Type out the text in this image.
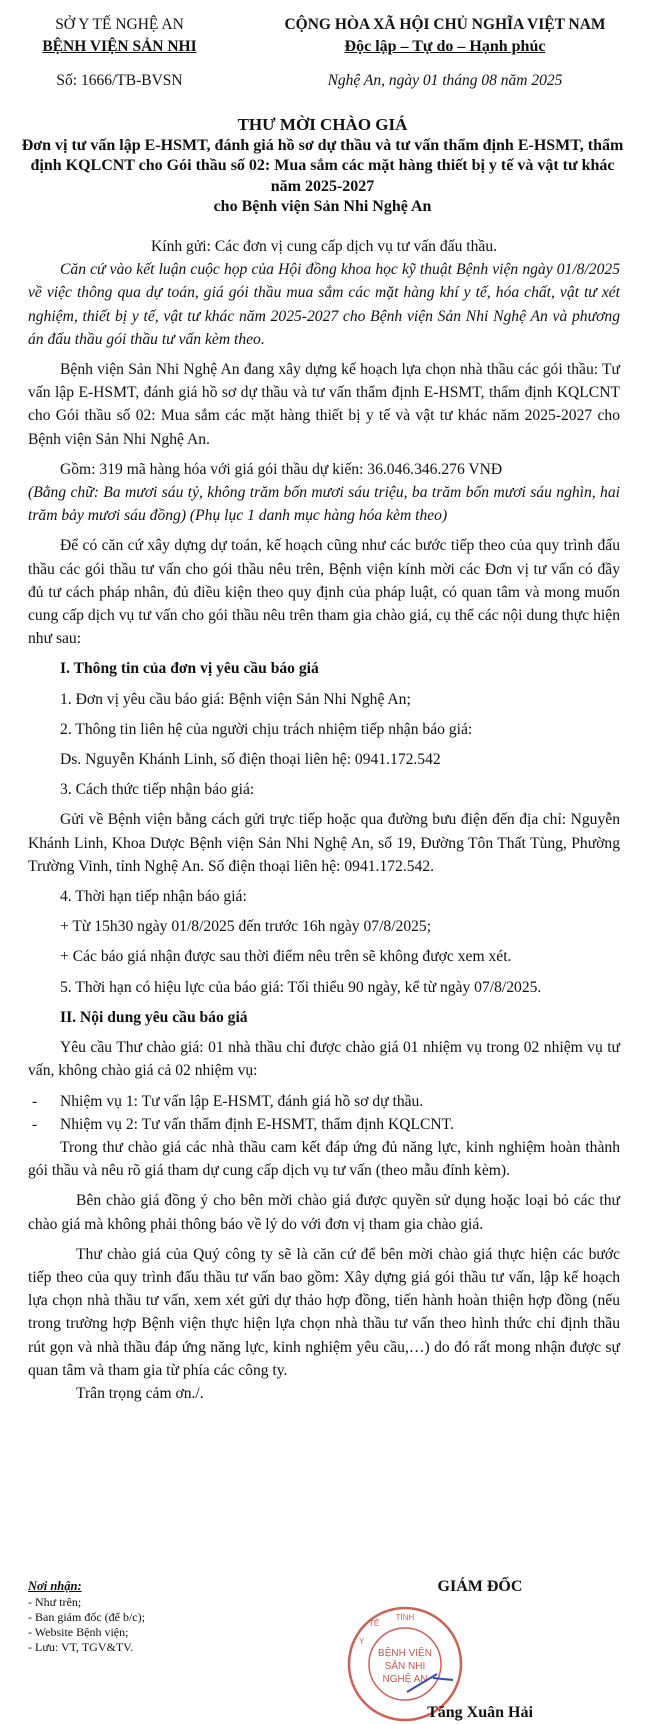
SỞ Y TẾ NGHỆ AN
BỆNH VIỆN SẢN NHI
Số: 1666/TB-BVSN
CỘNG HÒA XÃ HỘI CHỦ NGHĨA VIỆT NAM
Độc lập – Tự do – Hạnh phúc
Nghệ An, ngày 01 tháng 08 năm 2025
THƯ MỜI CHÀO GIÁ
Đơn vị tư vấn lập E-HSMT, đánh giá hồ sơ dự thầu và tư vấn thẩm định E-HSMT, thẩm định KQLCNT cho Gói thầu số 02: Mua sắm các mặt hàng thiết bị y tế và vật tư khác năm 2025-2027
cho Bệnh viện Sản Nhi Nghệ An

Kính gửi: Các đơn vị cung cấp dịch vụ tư vấn đấu thầu.

Căn cứ vào kết luận cuộc họp của Hội đồng khoa học kỹ thuật Bệnh viện ngày 01/8/2025 về việc thông qua dự toán, giá gói thầu mua sắm các mặt hàng khí y tế, hóa chất, vật tư xét nghiệm, thiết bị y tế, vật tư khác năm 2025-2027 cho Bệnh viện Sản Nhi Nghệ An và phương án đấu thầu gói thầu tư vấn kèm theo.

Bệnh viện Sản Nhi Nghệ An đang xây dựng kế hoạch lựa chọn nhà thầu các gói thầu: Tư vấn lập E-HSMT, đánh giá hồ sơ dự thầu và tư vấn thẩm định E-HSMT, thẩm định KQLCNT cho Gói thầu số 02: Mua sắm các mặt hàng thiết bị y tế và vật tư khác năm 2025-2027 cho Bệnh viện Sản Nhi Nghệ An.

Gồm: 319 mã hàng hóa với giá gói thầu dự kiến: 36.046.346.276 VNĐ

(Bằng chữ: Ba mươi sáu tỷ, không trăm bốn mươi sáu triệu, ba trăm bốn mươi sáu nghìn, hai trăm bảy mươi sáu đồng) (Phụ lục 1 danh mục hàng hóa kèm theo)

Để có căn cứ xây dựng dự toán, kế hoạch cũng như các bước tiếp theo của quy trình đấu thầu các gói thầu tư vấn cho gói thầu nêu trên, Bệnh viện kính mời các Đơn vị tư vấn có đầy đủ tư cách pháp nhân, đủ điều kiện theo quy định của pháp luật, có quan tâm và mong muốn cung cấp dịch vụ tư vấn cho gói thầu nêu trên tham gia chào giá, cụ thể các nội dung thực hiện như sau:

I. Thông tin của đơn vị yêu cầu báo giá

1. Đơn vị yêu cầu báo giá: Bệnh viện Sản Nhi Nghệ An;

2. Thông tin liên hệ của người chịu trách nhiệm tiếp nhận báo giá:

Ds. Nguyễn Khánh Linh, số điện thoại liên hệ: 0941.172.542

3. Cách thức tiếp nhận báo giá:

Gửi về Bệnh viện bằng cách gửi trực tiếp hoặc qua đường bưu điện đến địa chỉ: Nguyễn Khánh Linh, Khoa Dược Bệnh viện Sản Nhi Nghệ An, số 19, Đường Tôn Thất Tùng, Phường Trường Vinh, tỉnh Nghệ An. Số điện thoại liên hệ: 0941.172.542.

4. Thời hạn tiếp nhận báo giá:

+ Từ 15h30 ngày 01/8/2025 đến trước 16h ngày 07/8/2025;

+ Các báo giá nhận được sau thời điểm nêu trên sẽ không được xem xét.

5. Thời hạn có hiệu lực của báo giá: Tối thiểu 90 ngày, kể từ ngày 07/8/2025.

II. Nội dung yêu cầu báo giá

Yêu cầu Thư chào giá: 01 nhà thầu chỉ được chào giá 01 nhiệm vụ trong 02 nhiệm vụ tư vấn, không chào giá cả 02 nhiệm vụ:

- Nhiệm vụ 1: Tư vấn lập E-HSMT, đánh giá hồ sơ dự thầu.

- Nhiệm vụ 2: Tư vấn thẩm định E-HSMT, thẩm định KQLCNT.

Trong thư chào giá các nhà thầu cam kết đáp ứng đủ năng lực, kinh nghiệm hoàn thành gói thầu và nêu rõ giá tham dự cung cấp dịch vụ tư vấn (theo mẫu đính kèm).

Bên chào giá đồng ý cho bên mời chào giá được quyền sử dụng hoặc loại bỏ các thư chào giá mà không phải thông báo về lý do với đơn vị tham gia chào giá.

Thư chào giá của Quý công ty sẽ là căn cứ để bên mời chào giá thực hiện các bước tiếp theo của quy trình đấu thầu tư vấn bao gồm: Xây dựng giá gói thầu tư vấn, lập kế hoạch lựa chọn nhà thầu tư vấn, xem xét gửi dự thảo hợp đồng, tiến hành hoàn thiện hợp đồng (nếu trong trường hợp Bệnh viện thực hiện lựa chọn nhà thầu tư vấn theo hình thức chỉ định thầu rút gọn và nhà thầu đáp ứng năng lực, kinh nghiệm yêu cầu,…) do đó rất mong nhận được sự quan tâm và tham gia từ phía các công ty.

Trân trọng cảm ơn./.

Nơi nhận:
- Như trên;
- Ban giám đốc (để b/c);
- Website Bệnh viện;
- Lưu: VT, TGV&TV.	BỆNH VIỆN
SẢN NHI
NGHỆ AN
TỈNH
Y
TẾ
GIÁM ĐỐC
Tăng Xuân Hải
